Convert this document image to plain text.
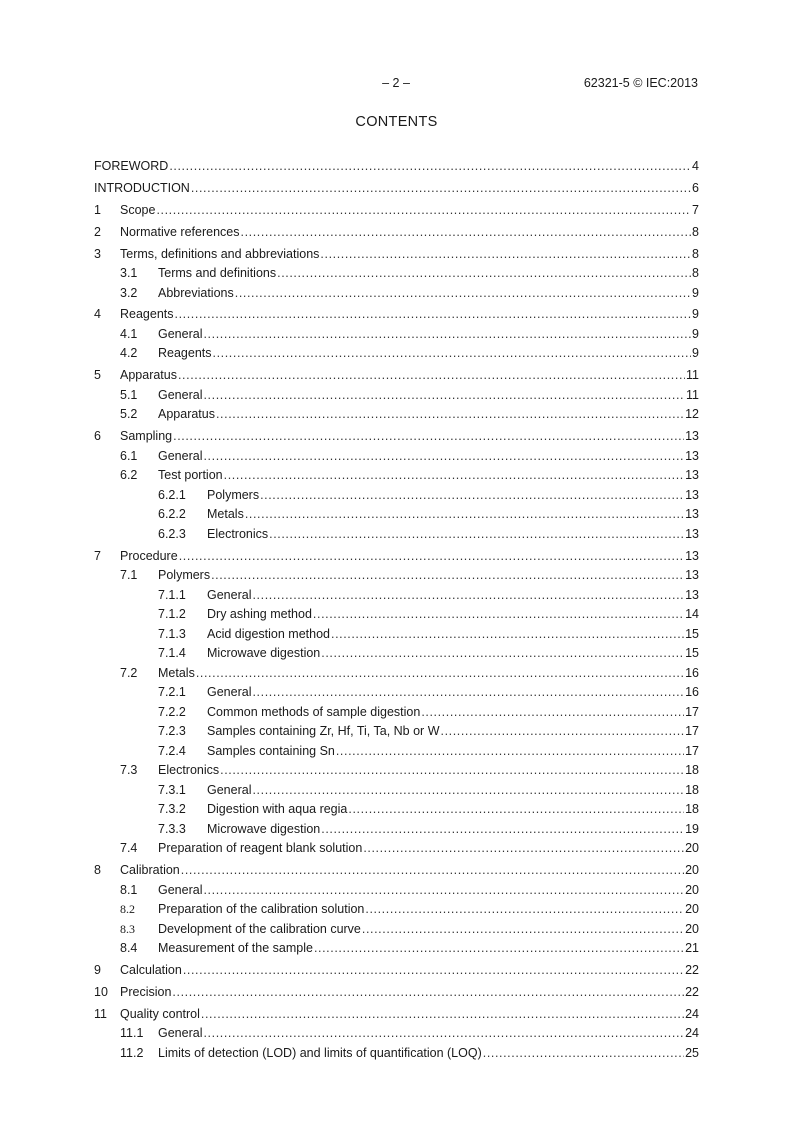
– 2 –	62321-5 © IEC:2013
CONTENTS
FOREWORD .....	4
INTRODUCTION .....	6
1	Scope .....	7
2	Normative references .....	8
3	Terms, definitions and abbreviations .....	8
3.1	Terms and definitions .....	8
3.2	Abbreviations .....	9
4	Reagents .....	9
4.1	General .....	9
4.2	Reagents .....	9
5	Apparatus .....	11
5.1	General .....	11
5.2	Apparatus .....	12
6	Sampling .....	13
6.1	General .....	13
6.2	Test portion .....	13
6.2.1	Polymers .....	13
6.2.2	Metals .....	13
6.2.3	Electronics .....	13
7	Procedure .....	13
7.1	Polymers .....	13
7.1.1	General .....	13
7.1.2	Dry ashing method .....	14
7.1.3	Acid digestion method .....	15
7.1.4	Microwave digestion .....	15
7.2	Metals .....	16
7.2.1	General .....	16
7.2.2	Common methods of sample digestion .....	17
7.2.3	Samples containing Zr, Hf, Ti, Ta, Nb or W .....	17
7.2.4	Samples containing Sn .....	17
7.3	Electronics .....	18
7.3.1	General .....	18
7.3.2	Digestion with aqua regia .....	18
7.3.3	Microwave digestion .....	19
7.4	Preparation of reagent blank solution .....	20
8	Calibration .....	20
8.1	General .....	20
8.2	Preparation of the calibration solution .....	20
8.3	Development of the calibration curve .....	20
8.4	Measurement of the sample .....	21
9	Calculation .....	22
10 Precision .....	22
11	Quality control .....	24
11.1	General .....	24
11.2	Limits of detection (LOD) and limits of quantification (LOQ) .....	25
